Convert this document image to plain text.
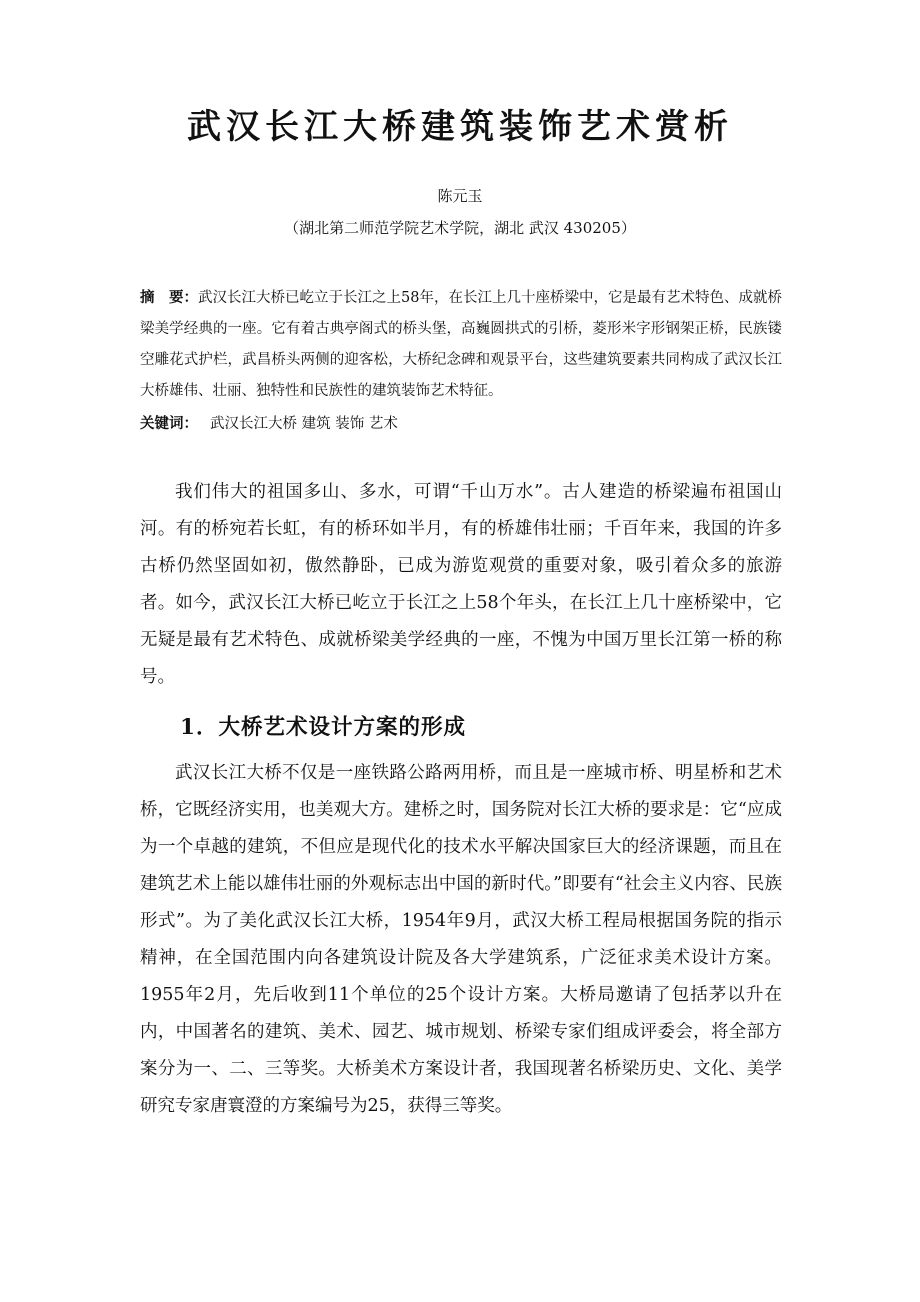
武汉长江大桥建筑装饰艺术赏析
陈元玉
（湖北第二师范学院艺术学院，湖北 武汉 430205）

摘　要：武汉长江大桥已屹立于长江之上58年，在长江上几十座桥梁中，它是最有艺术特色、成就桥梁美学经典的一座。它有着古典亭阁式的桥头堡，高巍圆拱式的引桥，菱形米字形钢架正桥，民族镂空雕花式护栏，武昌桥头两侧的迎客松，大桥纪念碑和观景平台，这些建筑要素共同构成了武汉长江大桥雄伟、壮丽、独特性和民族性的建筑装饰艺术特征。

关键词： 武汉长江大桥 建筑 装饰 艺术

我们伟大的祖国多山、多水，可谓“千山万水”。古人建造的桥梁遍布祖国山河。有的桥宛若长虹，有的桥环如半月，有的桥雄伟壮丽；千百年来，我国的许多古桥仍然坚固如初，傲然静卧，已成为游览观赏的重要对象，吸引着众多的旅游者。如今，武汉长江大桥已屹立于长江之上58个年头，在长江上几十座桥梁中，它无疑是最有艺术特色、成就桥梁美学经典的一座，不愧为中国万里长江第一桥的称号。

1．大桥艺术设计方案的形成

武汉长江大桥不仅是一座铁路公路两用桥，而且是一座城市桥、明星桥和艺术桥，它既经济实用，也美观大方。建桥之时，国务院对长江大桥的要求是：它“应成为一个卓越的建筑，不但应是现代化的技术水平解决国家巨大的经济课题，而且在建筑艺术上能以雄伟壮丽的外观标志出中国的新时代。”即要有“社会主义内容、民族形式”。为了美化武汉长江大桥，1954年9月，武汉大桥工程局根据国务院的指示精神，在全国范围内向各建筑设计院及各大学建筑系，广泛征求美术设计方案。1955年2月，先后收到11个单位的25个设计方案。大桥局邀请了包括茅以升在内，中国著名的建筑、美术、园艺、城市规划、桥梁专家们组成评委会，将全部方案分为一、二、三等奖。大桥美术方案设计者，我国现著名桥梁历史、文化、美学研究专家唐寰澄的方案编号为25，获得三等奖。
